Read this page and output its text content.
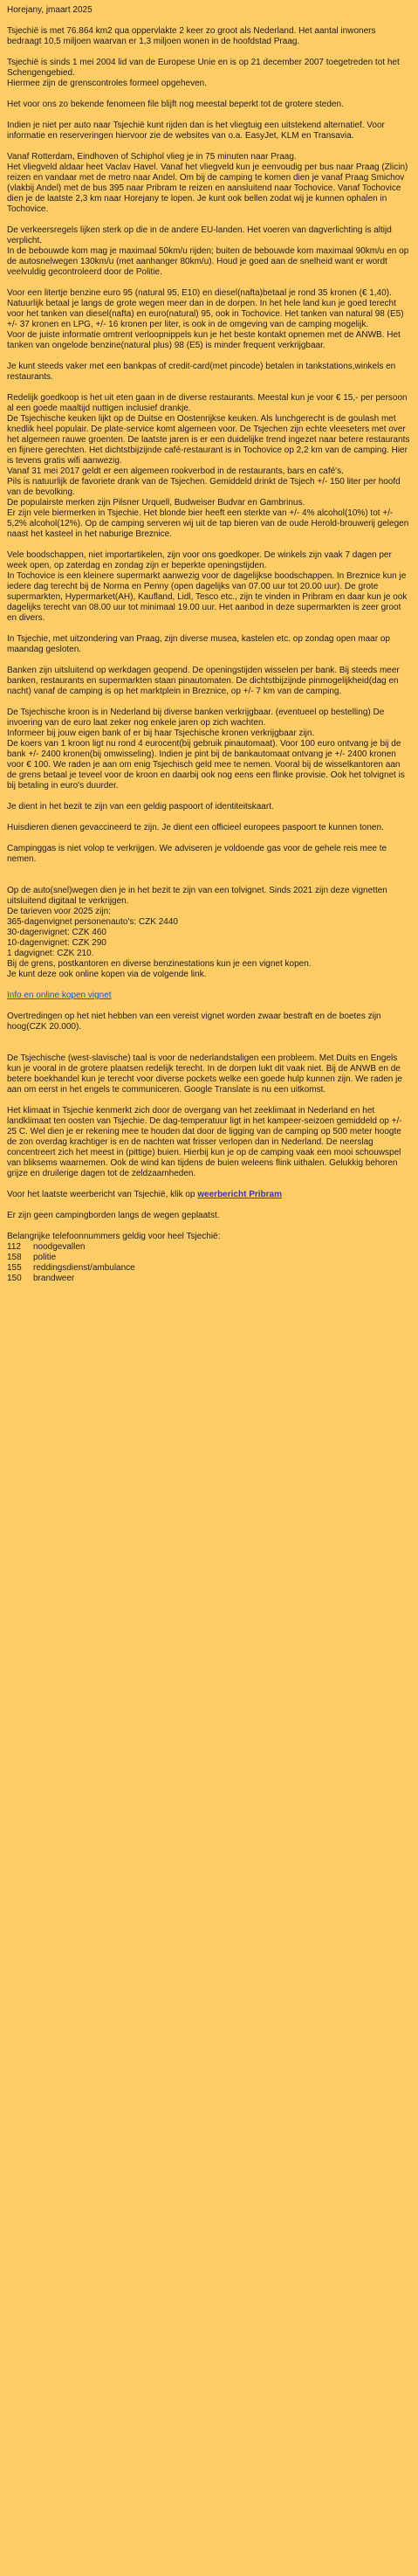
Horejany, jmaart 2025

Tsjechië is met 76.864 km2 qua oppervlakte 2 keer zo groot als Nederland. Het aantal inwoners bedraagt 10,5 miljoen waarvan er 1,3 miljoen wonen in de hoofdstad Praag.

Tsjechië is sinds 1 mei 2004 lid van de Europese Unie en is op 21 december 2007 toegetreden tot het Schengengebied.
Hiermee zijn de grenscontroles formeel opgeheven.

Het voor ons zo bekende fenomeen file blijft nog meestal beperkt tot de grotere steden.

Indien je niet per auto naar Tsjechië kunt rijden dan is het vliegtuig een uitstekend alternatief. Voor informatie en reserveringen hiervoor zie de websites van o.a. EasyJet, KLM en Transavia.

Vanaf Rotterdam, Eindhoven of Schiphol vlieg je in 75 minuten naar Praag.
Het vliegveld aldaar heet Vaclav Havel. Vanaf het vliegveld kun je eenvoudig per bus naar Praag (Zlicin) reizen en vandaar met de metro naar Andel. Om bij de camping te komen dien je vanaf Praag Smichov (vlakbij Andel) met de bus 395 naar Pribram te reizen en aansluitend naar Tochovice. Vanaf Tochovice dien je de laatste 2,3 km naar Horejany te lopen. Je kunt ook bellen zodat wij je kunnen ophalen in Tochovice.

De verkeersregels lijken sterk op die in de andere EU-landen. Het voeren van dagverlichting is altijd verplicht.
In de bebouwde kom mag je maximaal 50km/u rijden; buiten de bebouwde kom maximaal 90km/u en op de autosnelwegen 130km/u (met aanhanger 80km/u). Houd je goed aan de snelheid want er wordt veelvuldig gecontroleerd door de Politie.

Voor een litertje benzine euro 95 (natural 95, E10) en diesel(nafta)betaal je rond 35 kronen (€ 1,40). Natuurlijk betaal je langs de grote wegen meer dan in de dorpen. In het hele land kun je goed terecht voor het tanken van diesel(nafta) en euro(natural) 95, ook in Tochovice. Het tanken van natural 98 (E5) +/- 37 kronen en LPG, +/- 16 kronen per liter, is ook in de omgeving van de camping mogelijk.
Voor de juiste informatie omtrent verloopnippels kun je het beste kontakt opnemen met de ANWB. Het tanken van ongelode benzine(natural plus) 98 (E5) is minder frequent verkrijgbaar.

Je kunt steeds vaker met een bankpas of credit-card(met pincode) betalen in tankstations,winkels en restaurants.

Redelijk goedkoop is het uit eten gaan in de diverse restaurants. Meestal kun je voor € 15,- per persoon al een goede maaltijd nuttigen inclusief drankje.
De Tsjechische keuken lijkt op de Duitse en Oostenrijkse keuken. Als lunchgerecht is de goulash met knedlik heel populair. De plate-service komt algemeen voor. De Tsjechen zijn echte vleeseters met over het algemeen rauwe groenten. De laatste jaren is er een duidelijke trend ingezet naar betere restaurants en fijnere gerechten. Het dichtstbijzijnde café-restaurant is in Tochovice op 2,2 km van de camping. Hier is tevens gratis wifi aanwezig.
Vanaf 31 mei 2017 geldt er een algemeen rookverbod in de restaurants, bars en café's.
Pils is natuurlijk de favoriete drank van de Tsjechen. Gemiddeld drinkt de Tsjech +/- 150 liter per hoofd van de bevolking.
De populairste merken zijn Pilsner Urquell, Budweiser Budvar en Gambrinus.
Er zijn vele biermerken in Tsjechie. Het blonde bier heeft een sterkte van +/- 4% alcohol(10%) tot +/- 5,2% alcohol(12%). Op de camping serveren wij uit de tap bieren van de oude Herold-brouwerij gelegen naast het kasteel in het naburige Breznice.

Vele boodschappen, niet importartikelen, zijn voor ons goedkoper. De winkels zijn vaak 7 dagen per week open, op zaterdag en zondag zijn er beperkte openingstijden.
In Tochovice is een kleinere supermarkt aanwezig voor de dagelijkse boodschappen. In Breznice kun je iedere dag terecht bij de Norma en Penny (open dagelijks van 07.00 uur tot 20.00 uur). De grote supermarkten, Hypermarket(AH), Kaufland, Lidl, Tesco etc., zijn te vinden in Pribram en daar kun je ook dagelijks terecht van 08.00 uur tot minimaal 19.00 uur. Het aanbod in deze supermarkten is zeer groot en divers.

In Tsjechie, met uitzondering van Praag, zijn diverse musea, kastelen etc. op zondag open maar op maandag gesloten.

Banken zijn uitsluitend op werkdagen geopend. De openingstijden wisselen per bank. Bij steeds meer banken, restaurants en supermarkten staan pinautomaten. De dichtstbijzijnde pinmogelijkheid(dag en nacht) vanaf de camping is op het marktplein in Breznice, op +/- 7 km van de camping.

De Tsjechische kroon is in Nederland bij diverse banken verkrijgbaar. (eventueel op bestelling) De invoering van de euro laat zeker nog enkele jaren op zich wachten.
Informeer bij jouw eigen bank of er bij haar Tsjechische kronen verkrijgbaar zijn.
De koers van 1 kroon ligt nu rond 4 eurocent(bij gebruik pinautomaat). Voor 100 euro ontvang je bij de bank +/- 2400 kronen(bij omwisseling). Indien je pint bij de bankautomaat ontvang je +/- 2400 kronen voor € 100. We raden je aan om enig Tsjechisch geld mee te nemen. Vooral bij de wisselkantoren aan de grens betaal je teveel voor de kroon en daarbij ook nog eens een flinke provisie. Ook het tolvignet is bij betaling in euro's duurder.

Je dient in het bezit te zijn van een geldig paspoort of identiteitskaart.

Huisdieren dienen gevaccineerd te zijn. Je dient een officieel europees paspoort te kunnen tonen.

Campinggas is niet volop te verkrijgen. We adviseren je voldoende gas voor de gehele reis mee te nemen.

Op de auto(snel)wegen dien je in het bezit te zijn van een tolvignet. Sinds 2021 zijn deze vignetten uitsluitend digitaal te verkrijgen.
De tarieven voor 2025 zijn:
365-dagenvignet personenauto's: CZK 2440
30-dagenvignet: CZK 460
10-dagenvignet: CZK 290
1 dagvignet: CZK 210.
Bij de grens, postkantoren en diverse benzinestations kun je een vignet kopen.
Je kunt deze ook online kopen via de volgende link.

Info en online kopen vignet

Overtredingen op het niet hebben van een vereist vignet worden zwaar bestraft en de boetes zijn hoog(CZK 20.000).

De Tsjechische (west-slavische) taal is voor de nederlandstaligen een probleem. Met Duits en Engels kun je vooral in de grotere plaatsen redelijk terecht. In de dorpen lukt dit vaak niet. Bij de ANWB en de betere boekhandel kun je terecht voor diverse pockets welke een goede hulp kunnen zijn. We raden je aan om eerst in het engels te communiceren. Google Translate is nu een uitkomst.

Het klimaat in Tsjechie kenmerkt zich door de overgang van het zeeklimaat in Nederland en het landklimaat ten oosten van Tsjechie. De dag-temperatuur ligt in het kampeer-seizoen gemiddeld op +/- 25 C. Wel dien je er rekening mee te houden dat door de ligging van de camping op 500 meter hoogte de zon overdag krachtiger is en de nachten wat frisser verlopen dan in Nederland. De neerslag concentreert zich het meest in (pittige) buien. Hierbij kun je op de camping vaak een mooi schouwspel van bliksems waarnemen. Ook de wind kan tijdens de buien weleens flink uithalen. Gelukkig behoren grijze en druilerige dagen tot de zeldzaamheden.

Voor het laatste weerbericht van Tsjechië, klik op weerbericht Pribram

Er zijn geen campingborden langs de wegen geplaatst.

Belangrijke telefoonnummers geldig voor heel Tsjechië:
112	noodgevallen
158	politie
155	reddingsdienst/ambulance
150	brandweer
